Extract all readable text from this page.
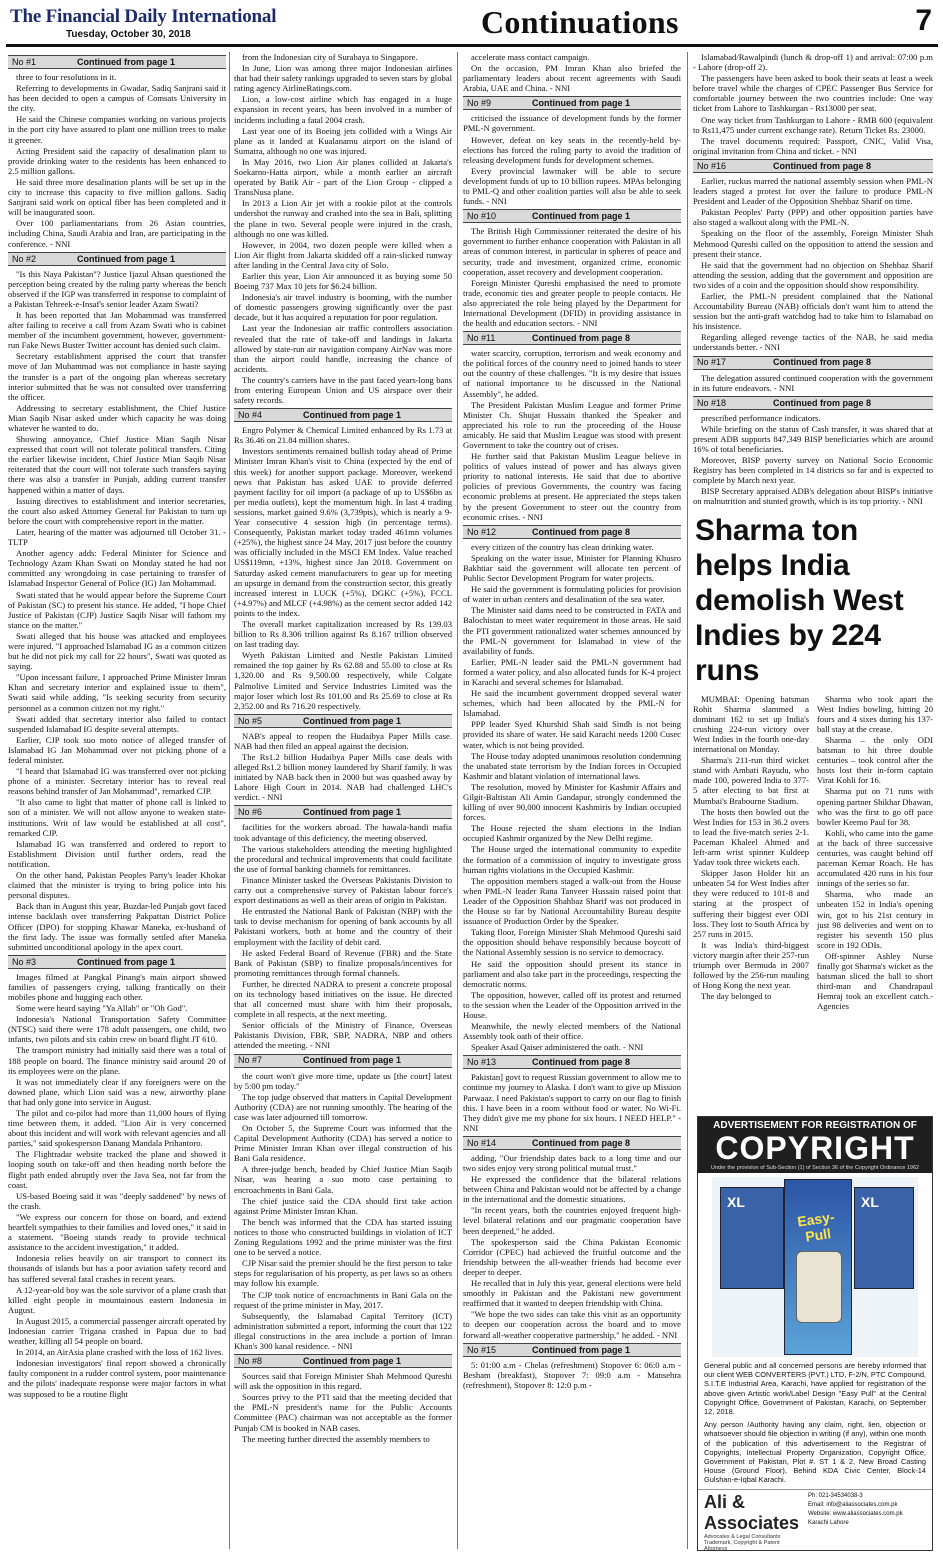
The Financial Daily International
Tuesday, October 30, 2018	Continuations	7
No #1	Continued from page 1

three to four resolutions in it.

Referring to developments in Gwadar, Sadiq Sanjrani said it has been decided to open a campus of Comsats University in the city.

He said the Chinese companies working on various projects in the port city have assured to plant one million trees to make it greener.

Acting President said the capacity of desalination plant to provide drinking water to the residents has been enhanced to 2.5 million gallons.

He said three more desalination plants will be set up in the city to increase this capacity to five million gallons. Sadiq Sanjrani said work on optical fiber has been completed and it will be inaugurated soon.

Over 100 parliamentarians from 26 Asian countries, including China, Saudi Arabia and Iran, are participating in the conference. - NNI

No #2	Continued from page 1

"Is this Naya Pakistan"? Justice Ijazul Ahsan questioned the perception being created by the ruling party whereas the bench observed if the IGP was transferred in response to complaint of a Pakistan Tehreek-e-Insaf's senior leader Azam Swati?

It has been reported that Jan Mohammad was transferred after failing to receive a call from Azam Swati who is cabinet member of the incumbent government, however, government-run Fake News Buster Twitter account has denied such claim.

Secretary establishment apprised the court that transfer move of Jan Muhammad was not compliance in haste saying the transfer is a part of the ongoing plan whereas secretary interior submitted that he was not consulted over transferring the officer.

Addressing to secretary establishment, the Chief Justice Mian Saqib Nisar asked under which capacity he was doing whatever he wanted to do.

Showing annoyance, Chief Justice Mian Saqib Nisar expressed that court will not tolerate political transfers. Citing the earlier likewise incident, Chief Justice Mian Saqib Nisar reiterated that the court will not tolerate such transfers saying there was also a transfer in Punjab, adding current transfer happened within a matter of days.

Issuing directives to establishment and interior secretaries, the court also asked Attorney General for Pakistan to turn up before the court with comprehensive report in the matter.

Later, hearing of the matter was adjourned till October 31. - TLTP

Another agency adds: Federal Minister for Science and Technology Azam Khan Swati on Monday stated he had not committed any wrongdoing in case pertaining to transfer of Islamabad Inspector General of Police (IG) Jan Mohammad.

Swati stated that he would appear before the Supreme Court of Pakistan (SC) to present his stance. He added, "I hope Chief Justice of Pakistan (CJP) Justice Saqib Nisar will fathom my stance on the matter."

Swati alleged that his house was attacked and employees were injured. "I approached Islamabad IG as a common citizen but he did not pick my call for 22 hours", Swati was quoted as saying.

"Upon incessant failure, I approached Prime Minister Imran Khan and secretary interior and explained issue to them", Swati said while adding, "Is seeking security from security personnel as a common citizen not my right."

Swati added that secretary interior also failed to contact suspended Islamabad IG despite several attempts.

Earlier, CJP took suo moto notice of alleged transfer of Islamabad IG Jan Mohammad over not picking phone of a federal minister.

"I heard that Islamabad IG was transferred over not picking phone of a minister. Secretary interior has to reveal real reasons behind transfer of Jan Mohammad", remarked CJP.

"It also came to light that matter of phone call is linked to son of a minister. We will not allow anyone to weaken state-institutions. Writ of law would be established at all cost", remarked CJP.

Islamabad IG was transferred and ordered to report to Establishment Division until further orders, read the notification.

On the other hand, Pakistan Peoples Party's leader Khokar claimed that the minister is trying to bring police into his personal disputes.

Back than in August this year, Buzdar-led Punjab govt faced intense backlash over transferring Pakpattan District Police Officer (DPO) for stopping Khawar Maneka, ex-husband of the first lady. The issue was formally settled after Maneka submitted unconditional apology in the apex court.

No #3	Continued from page 1

Images filmed at Pangkal Pinang's main airport showed families of passengers crying, talking frantically on their mobiles phone and hugging each other.

Some were heard saying "Ya Allah" or "Oh God".

Indonesia's National Transportation Safety Committee (NTSC) said there were 178 adult passengers, one child, two infants, two pilots and six cabin crew on board flight JT 610.

The transport ministry had initially said there was a total of 188 people on board. The finance ministry said around 20 of its employees were on the plane.

It was not immediately clear if any foreigners were on the downed plane, which Lion said was a new, airworthy plane that had only gone into service in August.

The pilot and co-pilot had more than 11,000 hours of flying time between them, it added. "Lion Air is very concerned about this incident and will work with relevant agencies and all parties," said spokesperson Danang Mandala Prihantoro.

The Flightradar website tracked the plane and showed it looping south on take-off and then heading north before the flight path ended abruptly over the Java Sea, not far from the coast.

US-based Boeing said it was "deeply saddened" by news of the crash.

"We express our concern for those on board, and extend heartfelt sympathies to their families and loved ones," it said in a statement. "Boeing stands ready to provide technical assistance to the accident investigation," it added.

Indonesia relies heavily on air transport to connect its thousands of islands but has a poor aviation safety record and has suffered several fatal crashes in recent years.

A 12-year-old boy was the sole survivor of a plane crash that killed eight people in mountainous eastern Indonesia in August.

In August 2015, a commercial passenger aircraft operated by Indonesian carrier Trigana crashed in Papua due to bad weather, killing all 54 people on board.

In 2014, an AirAsia plane crashed with the loss of 162 lives.

Indonesian investigators' final report showed a chronically faulty component in a rudder control system, poor maintenance and the pilots' inadequate response were major factors in what was supposed to be a routine flight

from the Indonesian city of Surabaya to Singapore.

In June, Lion was among three major Indonesian airlines that had their safety rankings upgraded to seven stars by global rating agency AirlineRatings.com.

Lion, a low-cost airline which has engaged in a huge expansion in recent years, has been involved in a number of incidents including a fatal 2004 crash.

Last year one of its Boeing jets collided with a Wings Air plane as it landed at Kualanamu airport on the island of Sumatra, although no one was injured.

In May 2016, two Lion Air planes collided at Jakarta's Soekarno-Hatta airport, while a month earlier an aircraft operated by Batik Air - part of the Lion Group - clipped a TransNusa plane.

In 2013 a Lion Air jet with a rookie pilot at the controls undershot the runway and crashed into the sea in Bali, splitting the plane in two. Several people were injured in the crash, although no one was killed.

However, in 2004, two dozen people were killed when a Lion Air flight from Jakarta skidded off a rain-slicked runway after landing in the Central Java city of Solo.

Earlier this year, Lion Air announced it as buying some 50 Boeing 737 Max 10 jets for $6.24 billion.

Indonesia's air travel industry is booming, with the number of domestic passengers growing significantly over the past decade, but it has acquired a reputation for poor regulation.

Last year the Indonesian air traffic controllers association revealed that the rate of take-off and landings in Jakarta allowed by state-run air navigation company AirNav was more than the airport could handle, increasing the chance of accidents.

The country's carriers have in the past faced years-long bans from entering European Union and US airspace over their safety records.

No #4	Continued from page 1

Engro Polymer & Chemical Limited enhanced by Rs 1.73 at Rs 36.46 on 21.84 million shares.

Investors sentiments remained bullish today ahead of Prime Minister Imran Khan's visit to China (expected by the end of this week) for another support package. Moreover, weekend news that Pakistan has asked UAE to provide deferred payment facility for oil import (a package of up to US$6bn as per media outlets), kept the momentum high. In last 4 trading sessions, market gained 9.6% (3,739pts), which is nearly a 9-Year consecutive 4 session high (in percentage terms). Consequently, Pakistan market today traded 461mn volumes (+25%), the highest since 24 May, 2017 just before the country was officially included in the MSCI EM Index. Value reached US$119mn, +13%, highest since Jan 2018. Government on Saturday asked cement manufacturers to gear up for meeting an upsurge in demand from the construction sector, this greatly increased interest in LUCK (+5%), DGKC (+5%), FCCL (+4.97%) and MLCF (+4.98%) as the cement sector added 142 points to the index.

The overall market capitalization increased by Rs 139.03 billion to Rs 8.306 trillion against Rs 8.167 trillion observed on last trading day.

Wyeth Pakistan Limited and Nestle Pakistan Limited remained the top gainer by Rs 62.88 and 55.00 to close at Rs 1,320.00 and Rs 9,500.00 respectively, while Colgate Palmolive Limited and Service Industries Limited was the major loser which lost Rs 101.00 and Rs 25.69 to close at Rs 2,352.00 and Rs 716.20 respectively.

No #5	Continued from page 1

NAB's appeal to reopen the Hudaibya Paper Mills case. NAB had then filed an appeal against the decision.

The Rs1.2 billion Hudaibya Paper Mills case deals with alleged Rs1.2 billion money laundered by Sharif family. It was initiated by NAB back then in 2000 but was quashed away by Lahore High Court in 2014. NAB had challenged LHC's verdict. - NNI

No #6	Continued from page 1

facilities for the workers abroad. The hawala-handi mafia took advantage of this deficiency, the meeting observed.

The various stakeholders attending the meeting highlighted the procedural and technical improvements that could facilitate the use of formal banking channels for remittances.

Finance Minister tasked the Overseas Pakistanis Division to carry out a comprehensive survey of Pakistan labour force's export destinations as well as their areas of origin in Pakistan.

He entrusted the National Bank of Pakistan (NBP) with the task to devise mechanism for opening of bank accounts by all Pakistani workers, both at home and the country of their employment with the facility of debit card.

He asked Federal Board of Revenue (FBR) and the State Bank of Pakistan (SBP) to finalize proposals/incentives for promoting remittances through formal channels.

Further, he directed NADRA to present a concrete proposal on its technology based initiatives on the issue. He directed that all concerned must share with him their proposals, complete in all respects, at the next meeting.

Senior officials of the Ministry of Finance, Overseas Pakistanis Division, FBR, SBP, NADRA, NBP and others attended the meeting. - NNI

No #7	Continued from page 1

the court won't give more time, update us [the court] latest by 5:00 pm today."

The top judge observed that matters in Capital Development Authority (CDA) are not running smoothly. The hearing of the case was later adjourned till tomorrow.

On October 5, the Supreme Court was informed that the Capital Development Authority (CDA) has served a notice to Prime Minister Imran Khan over illegal construction of his Bani Gala residence.

A three-judge bench, headed by Chief Justice Mian Saqib Nisar, was hearing a suo moto case pertaining to encroachments in Bani Gala.

The chief justice said the CDA should first take action against Prime Minister Imran Khan.

The bench was informed that the CDA has started issuing notices to those who constructed buildings in violation of ICT Zoning Regulations 1992 and the prime minister was the first one to be served a notice.

CJP Nisar said the premier should be the first person to take steps for regularisation of his property, as per laws so as others may follow his example.

The CJP took notice of encroachments in Bani Gala on the request of the prime minister in May, 2017.

Subsequently, the Islamabad Capital Territory (ICT) administration submitted a report, informing the court that 122 illegal constructions in the area include a portion of Imran Khan's 300 kanal residence. - NNI

No #8	Continued from page 1

Sources said that Foreign Minister Shah Mehmood Qureshi will ask the opposition in this regard.

Sources privy to the PTI said that the meeting decided that the PML-N president's name for the Public Accounts Committee (PAC) chairman was not acceptable as the former Punjab CM is booked in NAB cases.

The meeting further directed the assembly members to

accelerate mass contact campaign.

On the occasion, PM Imran Khan also briefed the parliamentary leaders about recent agreements with Saudi Arabia, UAE and China. - NNI

No #9	Continued from page 1

criticised the issuance of development funds by the former PML-N government.

However, defeat on key seats in the recently-held by-elections has forced the ruling party to avoid the tradition of releasing development funds for development schemes.

Every provincial lawmaker will be able to secure development funds of up to 10 billion rupees. MPAs belonging to PML-Q and other coalition parties will also be able to seek funds. - NNI

No #10	Continued from page 1

The British High Commissioner reiterated the desire of his government to further enhance cooperation with Pakistan in all areas of common interest, in particular in spheres of peace and security, trade and investment, organized crime, economic cooperation, asset recovery and development cooperation.

Foreign Minister Qureshi emphasised the need to promote trade, economic ties and greater people to people contacts. He also appreciated the role being played by the Department for International Development (DFID) in providing assistance in the health and education sectors. - NNI

No #11	Continued from page 8

water scarcity, corruption, terrorism and weak economy and the political forces of the country need to joined hands to steer out the country of these challenges. "It is my desire that issues of national importance to be discussed in the National Assembly", he added.

The President Pakistan Muslim League and former Prime Minister Ch. Shujat Hussain thanked the Speaker and appreciated his role to run the proceeding of the House amicably. He said that Muslim League was stood with present Government to take the country out of crises.

He further said that Pakistan Muslim League believe in politics of values instead of power and has always given priority to national interests. He said that due to abortive policies of previous Governments, the country was facing economic problems at present. He appreciated the steps taken by the present Government to steer out the country from economic crises. - NNI

No #12	Continued from page 8

every citizen of the country has clean drinking water.

Speaking on the water issue, Minister for Planning Khusro Bakhtiar said the government will allocate ten percent of Public Sector Development Program for water projects.

He said the government is formulating policies for provision of water in urban centers and desalination of the sea water.

The Minister said dams need to be constructed in FATA and Balochistan to meet water requirement in those areas. He said the PTI government rationalized water schemes announced by the PML-N government for Islamabad in view of the availability of funds.

Earlier, PML-N leader said the PML-N government had formed a water policy, and also allocated funds for K-4 project in Karachi and several schemes for Islamabad.

He said the incumbent government dropped several water schemes, which had been allocated by the PML-N for Islamabad.

PPP leader Syed Khurshid Shah said Sindh is not being provided its share of water. He said Karachi needs 1200 Cusec water, which is not being provided.

The House today adopted unanimous resolution condemning the unabated state terrorism by the Indian forces in Occupied Kashmir and blatant violation of international laws.

The resolution, moved by Minister for Kashmir Affairs and Gilgit-Baltistan Ali Amin Gandapur, strongly condemned the killing of over 90,000 innocent Kashmiris by Indian occupied forces.

The House rejected the sham elections in the Indian occupied Kashmir organized by the New Delhi regime.

The House urged the international community to expedite the formation of a commission of inquiry to investigate gross human rights violations in the Occupied Kashmir.

The opposition members staged a walk-out from the House when PML-N leader Rana Tanveer Hussain raised point that Leader of the Opposition Shahbaz Sharif was not produced in the House so far by National Accountability Bureau despite issuance of Production Order by the Speaker.

Taking floor, Foreign Minister Shah Mehmood Qureshi said the opposition should behave responsibly because boycott of the National Assembly session is no service to democracy.

He said the opposition should present its stance in parliament and also take part in the proceedings, respecting the democratic norms.

The opposition, however, called off its protest and returned to the session when the Leader of the Opposition arrived in the House.

Meanwhile, the newly elected members of the National Assembly took oath of their office.

Speaker Asad Qaiser administered the oath. - NNI

No #13	Continued from page 8

Pakistan] govt to request Russian government to allow me to continue my journey to Alaska. I don't want to give up Mission Parwaaz. I need Pakistan's support to carry on our flag to finish this. I have been in a room without food or water. No Wi-Fi. They didn't give me my phone for six hours. I NEED HELP." - NNI

No #14	Continued from page 8

adding, "Our friendship dates back to a long time and our two sides enjoy very strong political mutual trust."

He expressed the confidence that the bilateral relations between China and Pakistan would not be affected by a change in the international and the domestic situations.

"In recent years, both the countries enjoyed frequent high-level bilateral relations and our pragmatic cooperation have been deepened," he added.

The spokesperson said the China Pakistan Economic Corridor (CPEC) had achieved the fruitful outcome and the friendship between the all-weather friends had become ever deeper to deeper.

He recalled that in July this year, general elections were held smoothly in Pakistan and the Pakistani new government reaffirmed that it wanted to deepen friendship with China.

"We hope the two sides can take this visit as an opportunity to deepen our cooperation across the board and to move forward all-weather cooperative partnership," he added. - NNI

No #15	Continued from page 1

5: 01:00 a.m - Chelas (refreshment) Stopover 6: 06:0 a.m - Besham (breakfast), Stopover 7: 09:0 a.m - Mansehra (refreshment), Stopover 8: 12:0 p.m -

Islamabad/Rawalpindi (lunch & drop-off 1) and arrival: 07:00 p.m - Lahore (drop-off 2).

The passengers have been asked to book their seats at least a week before travel while the charges of CPEC Passenger Bus Service for comfortable journey between the two countries include: One way ticket from Lahore to Tashkurgan - Rs13000 per seat.

One way ticket from Tashkurgan to Lahore - RMB 600 (equivalent to Rs11,475 under current exchange rate). Return Ticket Rs. 23000.

The travel documents required: Passport, CNIC, Valid Visa, original invitation from China and ticket. - NNI

No #16	Continued from page 8

Earlier, ruckus marred the national assembly session when PML-N leaders staged a protest for over the failure to produce PML-N President and Leader of the Opposition Shehbaz Sharif on time.

Pakistan Peoples' Party (PPP) and other opposition parties have also staged a walkout along with the PML-N.

Speaking on the floor of the assembly, Foreign Minister Shah Mehmood Qureshi called on the opposition to attend the session and present their stance.

He said that the government had no objection on Shehbaz Sharif attending the session, adding that the government and opposition are two sides of a coin and the opposition should show responsibility.

Earlier, the PML-N president complained that the National Accountability Bureau (NAB) officials don't want him to attend the session but the anti-graft watchdog had to take him to Islamabad on his insistence.

Regarding alleged revenge tactics of the NAB, he said media understands better. - NNI

No #17	Continued from page 8

The delegation assured continued cooperation with the government in its future endeavors. - NNI

No #18	Continued from page 8

prescribed performance indicators.

While briefing on the status of Cash transfer, it was shared that at present ADB supports 847,349 BISP beneficiaries which are around 16% of total beneficiaries.

Moreover, BISP poverty survey on National Socio Economic Registry has been completed in 14 districts so far and is expected to complete by March next year.

BISP Secretary appraised ADB's delegation about BISP's initiative on malnutrition and stunted growth, which is its top priority. - NNI

Sharma ton helps India demolish West Indies by 224 runs

MUMBAI: Opening batsman Rohit Sharma slammed a dominant 162 to set up India's crushing 224-run victory over West Indies in the fourth one-day international on Monday.

Sharma's 211-run third wicket stand with Ambati Rayudu, who made 100, powered India to 377-5 after electing to bat first at Mumbai's Brabourne Stadium.

The hosts then bowled out the West Indies for 153 in 36.2 overs to lead the five-match series 2-1. Paceman Khaleel Ahmed and left-arm wrist spinner Kuldeep Yadav took three wickets each.

Skipper Jason Holder hit an unbeaten 54 for West Indies after they were reduced to 101-8 and staring at the prospect of suffering their biggest ever ODI loss. They lost to South Africa by 257 runs in 2015.

It was India's third-biggest victory margin after their 257-run triumph over Bermuda in 2007 followed by the 256-run mauling of Hong Kong the next year.

The day belonged to

Sharma who took apart the West Indies bowling, hitting 20 fours and 4 sixes during his 137-ball stay at the crease.

Sharma – the only ODI batsman to hit three double centuries – took control after the hosts lost their in-form captain Virat Kohli for 16.

Sharma put on 71 runs with opening partner Shikhar Dhawan, who was the first to go off pace bowler Keemo Paul for 38.

Kohli, who came into the game at the back of three successive centuries, was caught behind off paceman Kemar Roach. He has accumulated 420 runs in his four innings of the series so far.

Sharma, who made an unbeaten 152 in India's opening win, got to his 21st century in just 98 deliveries and went on to register his seventh 150 plus score in 192 ODIs.

Off-spinner Ashley Nurse finally got Sharma's wicket as the batsman sliced the ball to short third-man and Chandrapaul Hemraj took an excellent catch.-Agencies

ADVERTISEMENT FOR REGISTRATION OF
COPYRIGHT
Under the provision of Sub-Section (1) of Section 36 of the Copyright Ordinance 1962
XL
Easy-Pull
XL

General public and all concerned persons are hereby informed that our client WEB CONVERTERS (PVT.) LTD, F-2/N, PTC Compound, S.I.T.E Industrial Area, Karachi, have applied for registration of the above given Artistic work/Label Design "Easy Pull" at the Central Copyright Office, Government of Pakistan, Karachi, on September 12, 2018.

Any person /Authority having any claim, right, lien, objection or whatsoever should file objection in writing (if any), within one month of the publication of this advertisement to the Registrar of Copyrights, Intellectual Property Organization, Copyright Office, Government of Pakistan, Plot #. ST 1 & 2, New Broad Casting House (Ground Floor), Behind KDA Civic Center, Block-14 Gulshan-e-Iqbal Karachi.

Ali & Associates
Advocates & Legal Consultants Trademark, Copyright & Patent Attorneys
Ph: 021-34534038-3
Email: info@aliassociates.com.pk
Website: www.aliassociates.com.pk
Karachi Lahore
